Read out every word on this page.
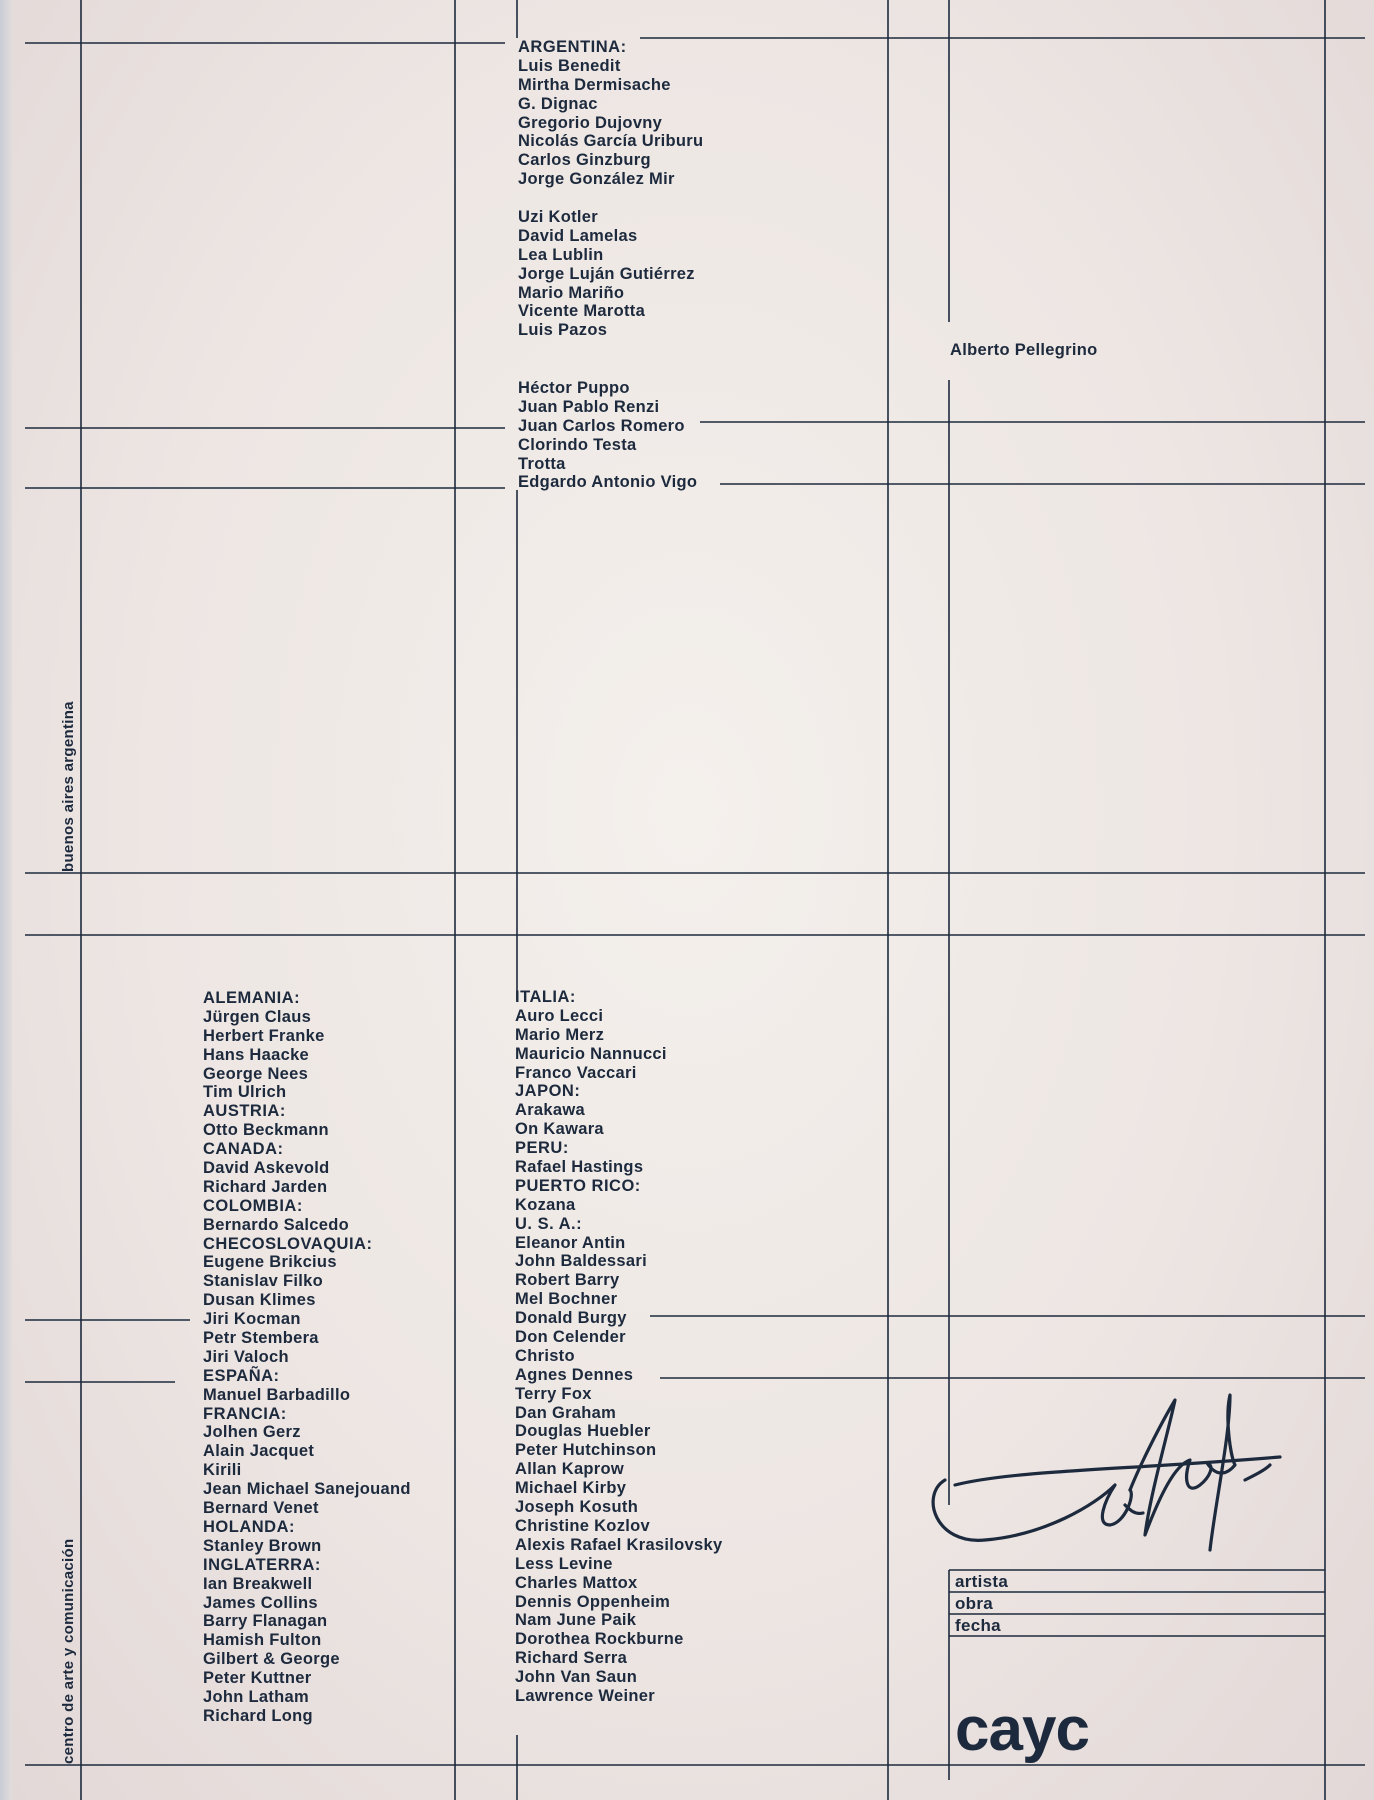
buenos aires argentina
centro de arte y comunicación
ARGENTINA:
Luis Benedit
Mirtha Dermisache
G. Dignac
Gregorio Dujovny
Nicolás García Uriburu
Carlos Ginzburg
Jorge González Mir
Uzi Kotler
David Lamelas
Lea Lublin
Jorge Luján Gutiérrez
Mario Mariño
Vicente Marotta
Luis Pazos
Héctor Puppo
Juan Pablo Renzi
Juan Carlos Romero
Clorindo Testa
Trotta
Edgardo Antonio Vigo
Alberto Pellegrino
ALEMANIA:
Jürgen Claus
Herbert Franke
Hans Haacke
George Nees
Tim Ulrich
AUSTRIA:
Otto Beckmann
CANADA:
David Askevold
Richard Jarden
COLOMBIA:
Bernardo Salcedo
CHECOSLOVAQUIA:
Eugene Brikcius
Stanislav Filko
Dusan Klimes
Jiri Kocman
Petr Stembera
Jiri Valoch
ESPAÑA:
Manuel Barbadillo
FRANCIA:
Jolhen Gerz
Alain Jacquet
Kirili
Jean Michael Sanejouand
Bernard Venet
HOLANDA:
Stanley Brown
INGLATERRA:
Ian Breakwell
James Collins
Barry Flanagan
Hamish Fulton
Gilbert & George
Peter Kuttner
John Latham
Richard Long
ITALIA:
Auro Lecci
Mario Merz
Mauricio Nannucci
Franco Vaccari
JAPON:
Arakawa
On Kawara
PERU:
Rafael Hastings
PUERTO RICO:
Kozana
U. S. A.:
Eleanor Antin
John Baldessari
Robert Barry
Mel Bochner
Donald Burgy
Don Celender
Christo
Agnes Dennes
Terry Fox
Dan Graham
Douglas Huebler
Peter Hutchinson
Allan Kaprow
Michael Kirby
Joseph Kosuth
Christine Kozlov
Alexis Rafael Krasilovsky
Less Levine
Charles Mattox
Dennis Oppenheim
Nam June Paik
Dorothea Rockburne
Richard Serra
John Van Saun
Lawrence Weiner
artista
obra
fecha
cayc
